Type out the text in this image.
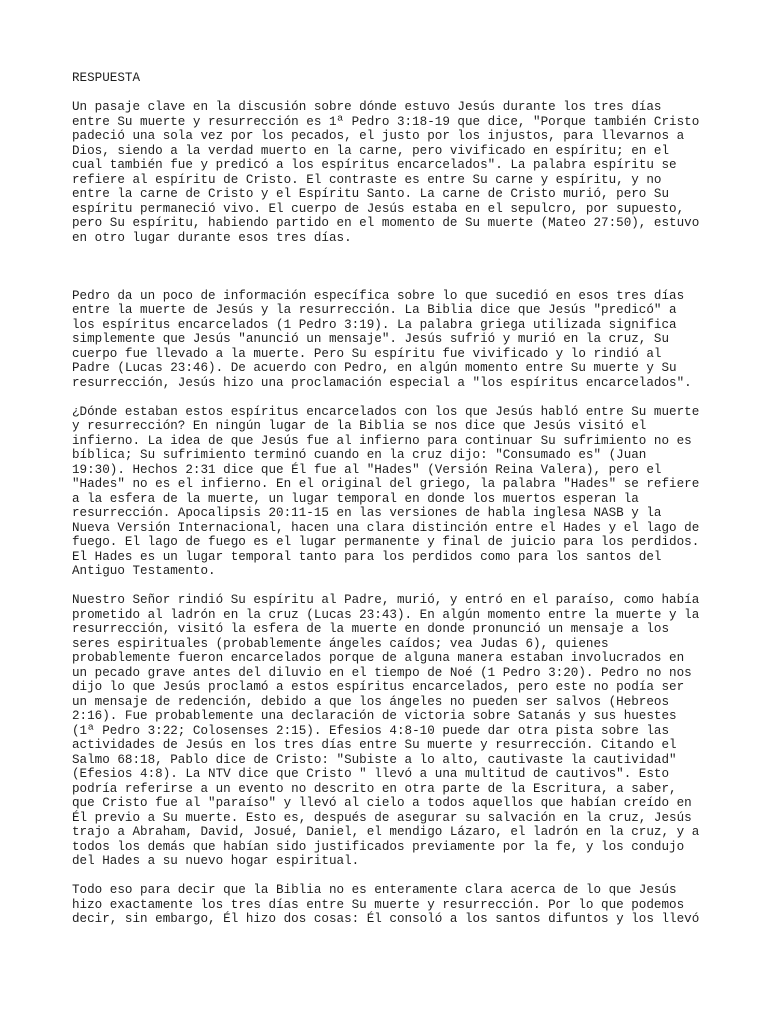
RESPUESTA
Un pasaje clave en la discusión sobre dónde estuvo Jesús durante los tres días
entre Su muerte y resurrección es 1ª Pedro 3:18-19 que dice, "Porque también Cristo
padeció una sola vez por los pecados, el justo por los injustos, para llevarnos a
Dios, siendo a la verdad muerto en la carne, pero vivificado en espíritu; en el
cual también fue y predicó a los espíritus encarcelados". La palabra espíritu se
refiere al espíritu de Cristo. El contraste es entre Su carne y espíritu, y no
entre la carne de Cristo y el Espíritu Santo. La carne de Cristo murió, pero Su
espíritu permaneció vivo. El cuerpo de Jesús estaba en el sepulcro, por supuesto,
pero Su espíritu, habiendo partido en el momento de Su muerte (Mateo 27:50), estuvo
en otro lugar durante esos tres días.
Pedro da un poco de información específica sobre lo que sucedió en esos tres días
entre la muerte de Jesús y la resurrección. La Biblia dice que Jesús "predicó" a
los espíritus encarcelados (1 Pedro 3:19). La palabra griega utilizada significa
simplemente que Jesús "anunció un mensaje". Jesús sufrió y murió en la cruz, Su
cuerpo fue llevado a la muerte. Pero Su espíritu fue vivificado y lo rindió al
Padre (Lucas 23:46). De acuerdo con Pedro, en algún momento entre Su muerte y Su
resurrección, Jesús hizo una proclamación especial a "los espíritus encarcelados".
¿Dónde estaban estos espíritus encarcelados con los que Jesús habló entre Su muerte
y resurrección? En ningún lugar de la Biblia se nos dice que Jesús visitó el
infierno. La idea de que Jesús fue al infierno para continuar Su sufrimiento no es
bíblica; Su sufrimiento terminó cuando en la cruz dijo: "Consumado es" (Juan
19:30). Hechos 2:31 dice que Él fue al "Hades" (Versión Reina Valera), pero el
"Hades" no es el infierno. En el original del griego, la palabra "Hades" se refiere
a la esfera de la muerte, un lugar temporal en donde los muertos esperan la
resurrección. Apocalipsis 20:11-15 en las versiones de habla inglesa NASB y la
Nueva Versión Internacional, hacen una clara distinción entre el Hades y el lago de
fuego. El lago de fuego es el lugar permanente y final de juicio para los perdidos.
El Hades es un lugar temporal tanto para los perdidos como para los santos del
Antiguo Testamento.
Nuestro Señor rindió Su espíritu al Padre, murió, y entró en el paraíso, como había
prometido al ladrón en la cruz (Lucas 23:43). En algún momento entre la muerte y la
resurrección, visitó la esfera de la muerte en donde pronunció un mensaje a los
seres espirituales (probablemente ángeles caídos; vea Judas 6), quienes
probablemente fueron encarcelados porque de alguna manera estaban involucrados en
un pecado grave antes del diluvio en el tiempo de Noé (1 Pedro 3:20). Pedro no nos
dijo lo que Jesús proclamó a estos espíritus encarcelados, pero este no podía ser
un mensaje de redención, debido a que los ángeles no pueden ser salvos (Hebreos
2:16). Fue probablemente una declaración de victoria sobre Satanás y sus huestes
(1ª Pedro 3:22; Colosenses 2:15). Efesios 4:8-10 puede dar otra pista sobre las
actividades de Jesús en los tres días entre Su muerte y resurrección. Citando el
Salmo 68:18, Pablo dice de Cristo: "Subiste a lo alto, cautivaste la cautividad"
(Efesios 4:8). La NTV dice que Cristo " llevó a una multitud de cautivos". Esto
podría referirse a un evento no descrito en otra parte de la Escritura, a saber,
que Cristo fue al "paraíso" y llevó al cielo a todos aquellos que habían creído en
Él previo a Su muerte. Esto es, después de asegurar su salvación en la cruz, Jesús
trajo a Abraham, David, Josué, Daniel, el mendigo Lázaro, el ladrón en la cruz, y a
todos los demás que habían sido justificados previamente por la fe, y los condujo
del Hades a su nuevo hogar espiritual.
Todo eso para decir que la Biblia no es enteramente clara acerca de lo que Jesús
hizo exactamente los tres días entre Su muerte y resurrección. Por lo que podemos
decir, sin embargo, Él hizo dos cosas: Él consoló a los santos difuntos y los llevó
